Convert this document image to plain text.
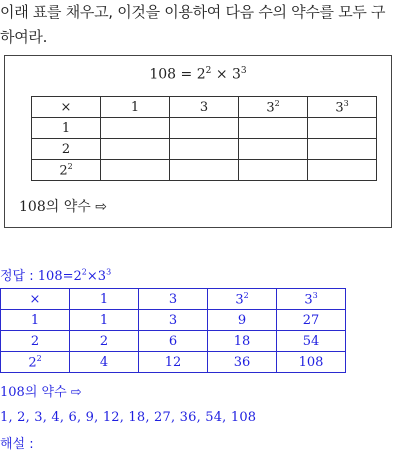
이래 표를 채우고, 이것을 이용하여 다음 수의 약수를 모두 구하여라.
$108 = 2^2 \times 3^3$
×	1	3	$3^2$	$3^3$
1				
2				
$2^2$				
108의 약수 ⇨
정답 : $108=2^2\times 3^3$
×	1	3	$3^2$	$3^3$
1	1	3	9	27
2	2	6	18	54
$2^2$	4	12	36	108
108의 약수 ⇨
1, 2, 3, 4, 6, 9, 12, 18, 27, 36, 54, 108
해설 :
